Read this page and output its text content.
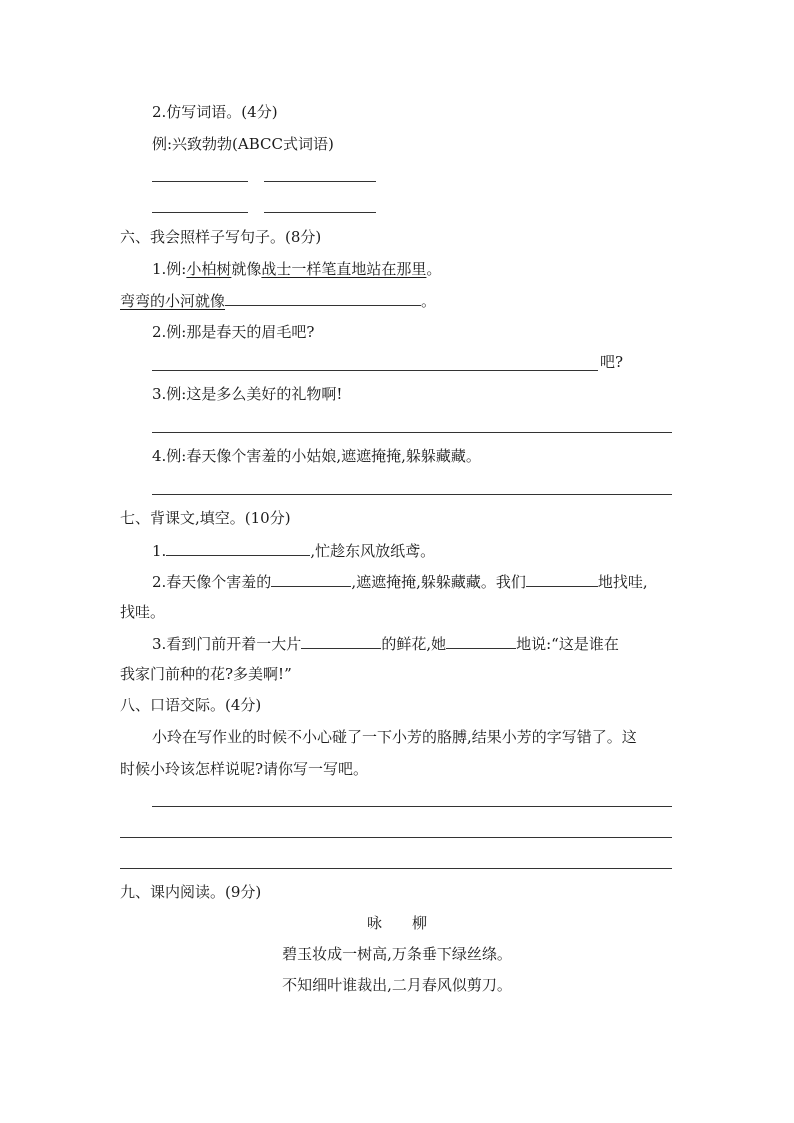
2.仿写词语。(4分)
例:兴致勃勃(ABCC式词语)
六、我会照样子写句子。(8分)
1.例:小柏树就像战士一样笔直地站在那里。
弯弯的小河就像	。
2.例:那是春天的眉毛吧?
吧?
3.例:这是多么美好的礼物啊!
4.例:春天像个害羞的小姑娘,遮遮掩掩,躲躲藏藏。
七、背课文,填空。(10分)
1.	,忙趁东风放纸鸢。
2.春天像个害羞的	,遮遮掩掩,躲躲藏藏。我们	地找哇,
找哇。
3.看到门前开着一大片	的鲜花,她	地说:“这是谁在
我家门前种的花?多美啊!”
八、口语交际。(4分)
小玲在写作业的时候不小心碰了一下小芳的胳膊,结果小芳的字写错了。这
时候小玲该怎样说呢?请你写一写吧。
九、课内阅读。(9分)
咏　　柳
碧玉妆成一树高,万条垂下绿丝绦。
不知细叶谁裁出,二月春风似剪刀。
